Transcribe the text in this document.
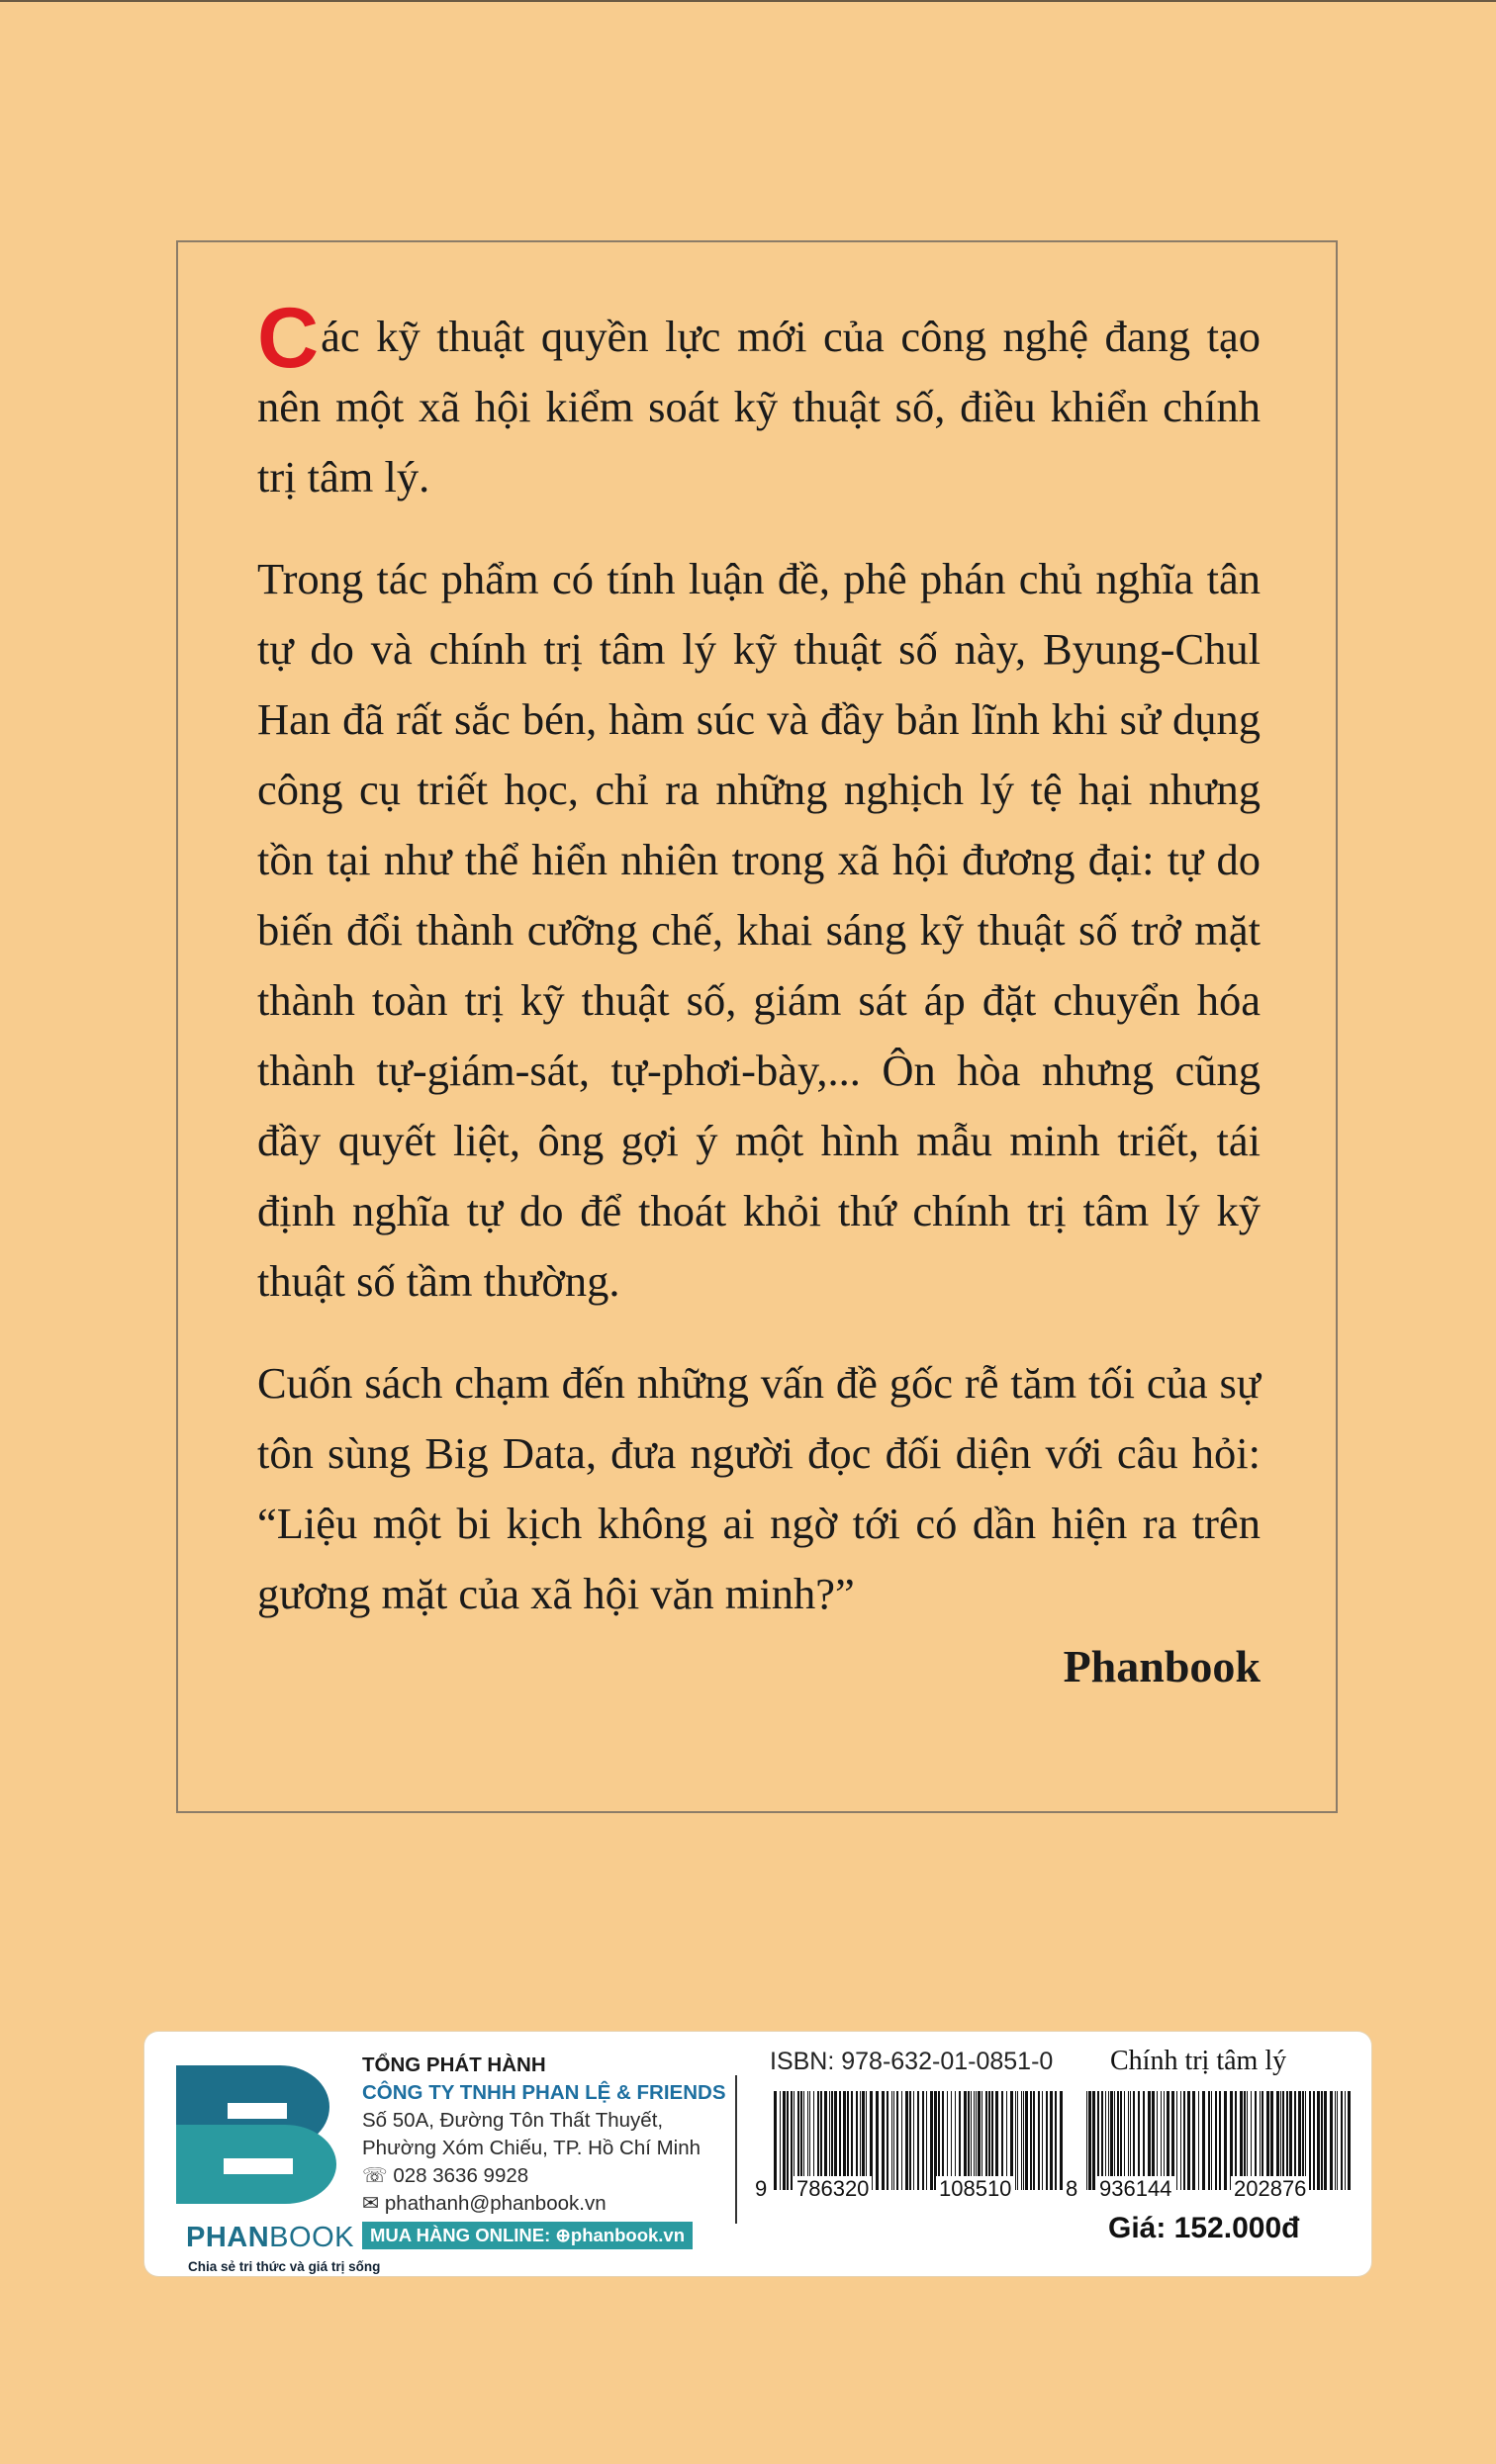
Các kỹ thuật quyền lực mới của công nghệ đang tạo nên một xã hội kiểm soát kỹ thuật số, điều khiển chính trị tâm lý.

Trong tác phẩm có tính luận đề, phê phán chủ nghĩa tân tự do và chính trị tâm lý kỹ thuật số này, Byung-Chul Han đã rất sắc bén, hàm súc và đầy bản lĩnh khi sử dụng công cụ triết học, chỉ ra những nghịch lý tệ hại nhưng tồn tại như thể hiển nhiên trong xã hội đương đại: tự do biến đổi thành cưỡng chế, khai sáng kỹ thuật số trở mặt thành toàn trị kỹ thuật số, giám sát áp đặt chuyển hóa thành tự-giám-sát, tự-phơi-bày,... Ôn hòa nhưng cũng đầy quyết liệt, ông gợi ý một hình mẫu minh triết, tái định nghĩa tự do để thoát khỏi thứ chính trị tâm lý kỹ thuật số tầm thường.

Cuốn sách chạm đến những vấn đề gốc rễ tăm tối của sự tôn sùng Big Data, đưa người đọc đối diện với câu hỏi: “Liệu một bi kịch không ai ngờ tới có dần hiện ra trên gương mặt của xã hội văn minh?”

Phanbook
PHANBOOK
Chia sẻ tri thức và giá trị sống
TỔNG PHÁT HÀNH
CÔNG TY TNHH PHAN LỆ & FRIENDS
Số 50A, Đường Tôn Thất Thuyết,
Phường Xóm Chiếu, TP. Hồ Chí Minh
☏ 028 3636 9928
✉ phathanh@phanbook.vn
MUA HÀNG ONLINE: ⊕phanbook.vn
ISBN: 978-632-01-0851-0 Chính trị tâm lý
9 786320	108510 8 936144	202876
Giá: 152.000đ
